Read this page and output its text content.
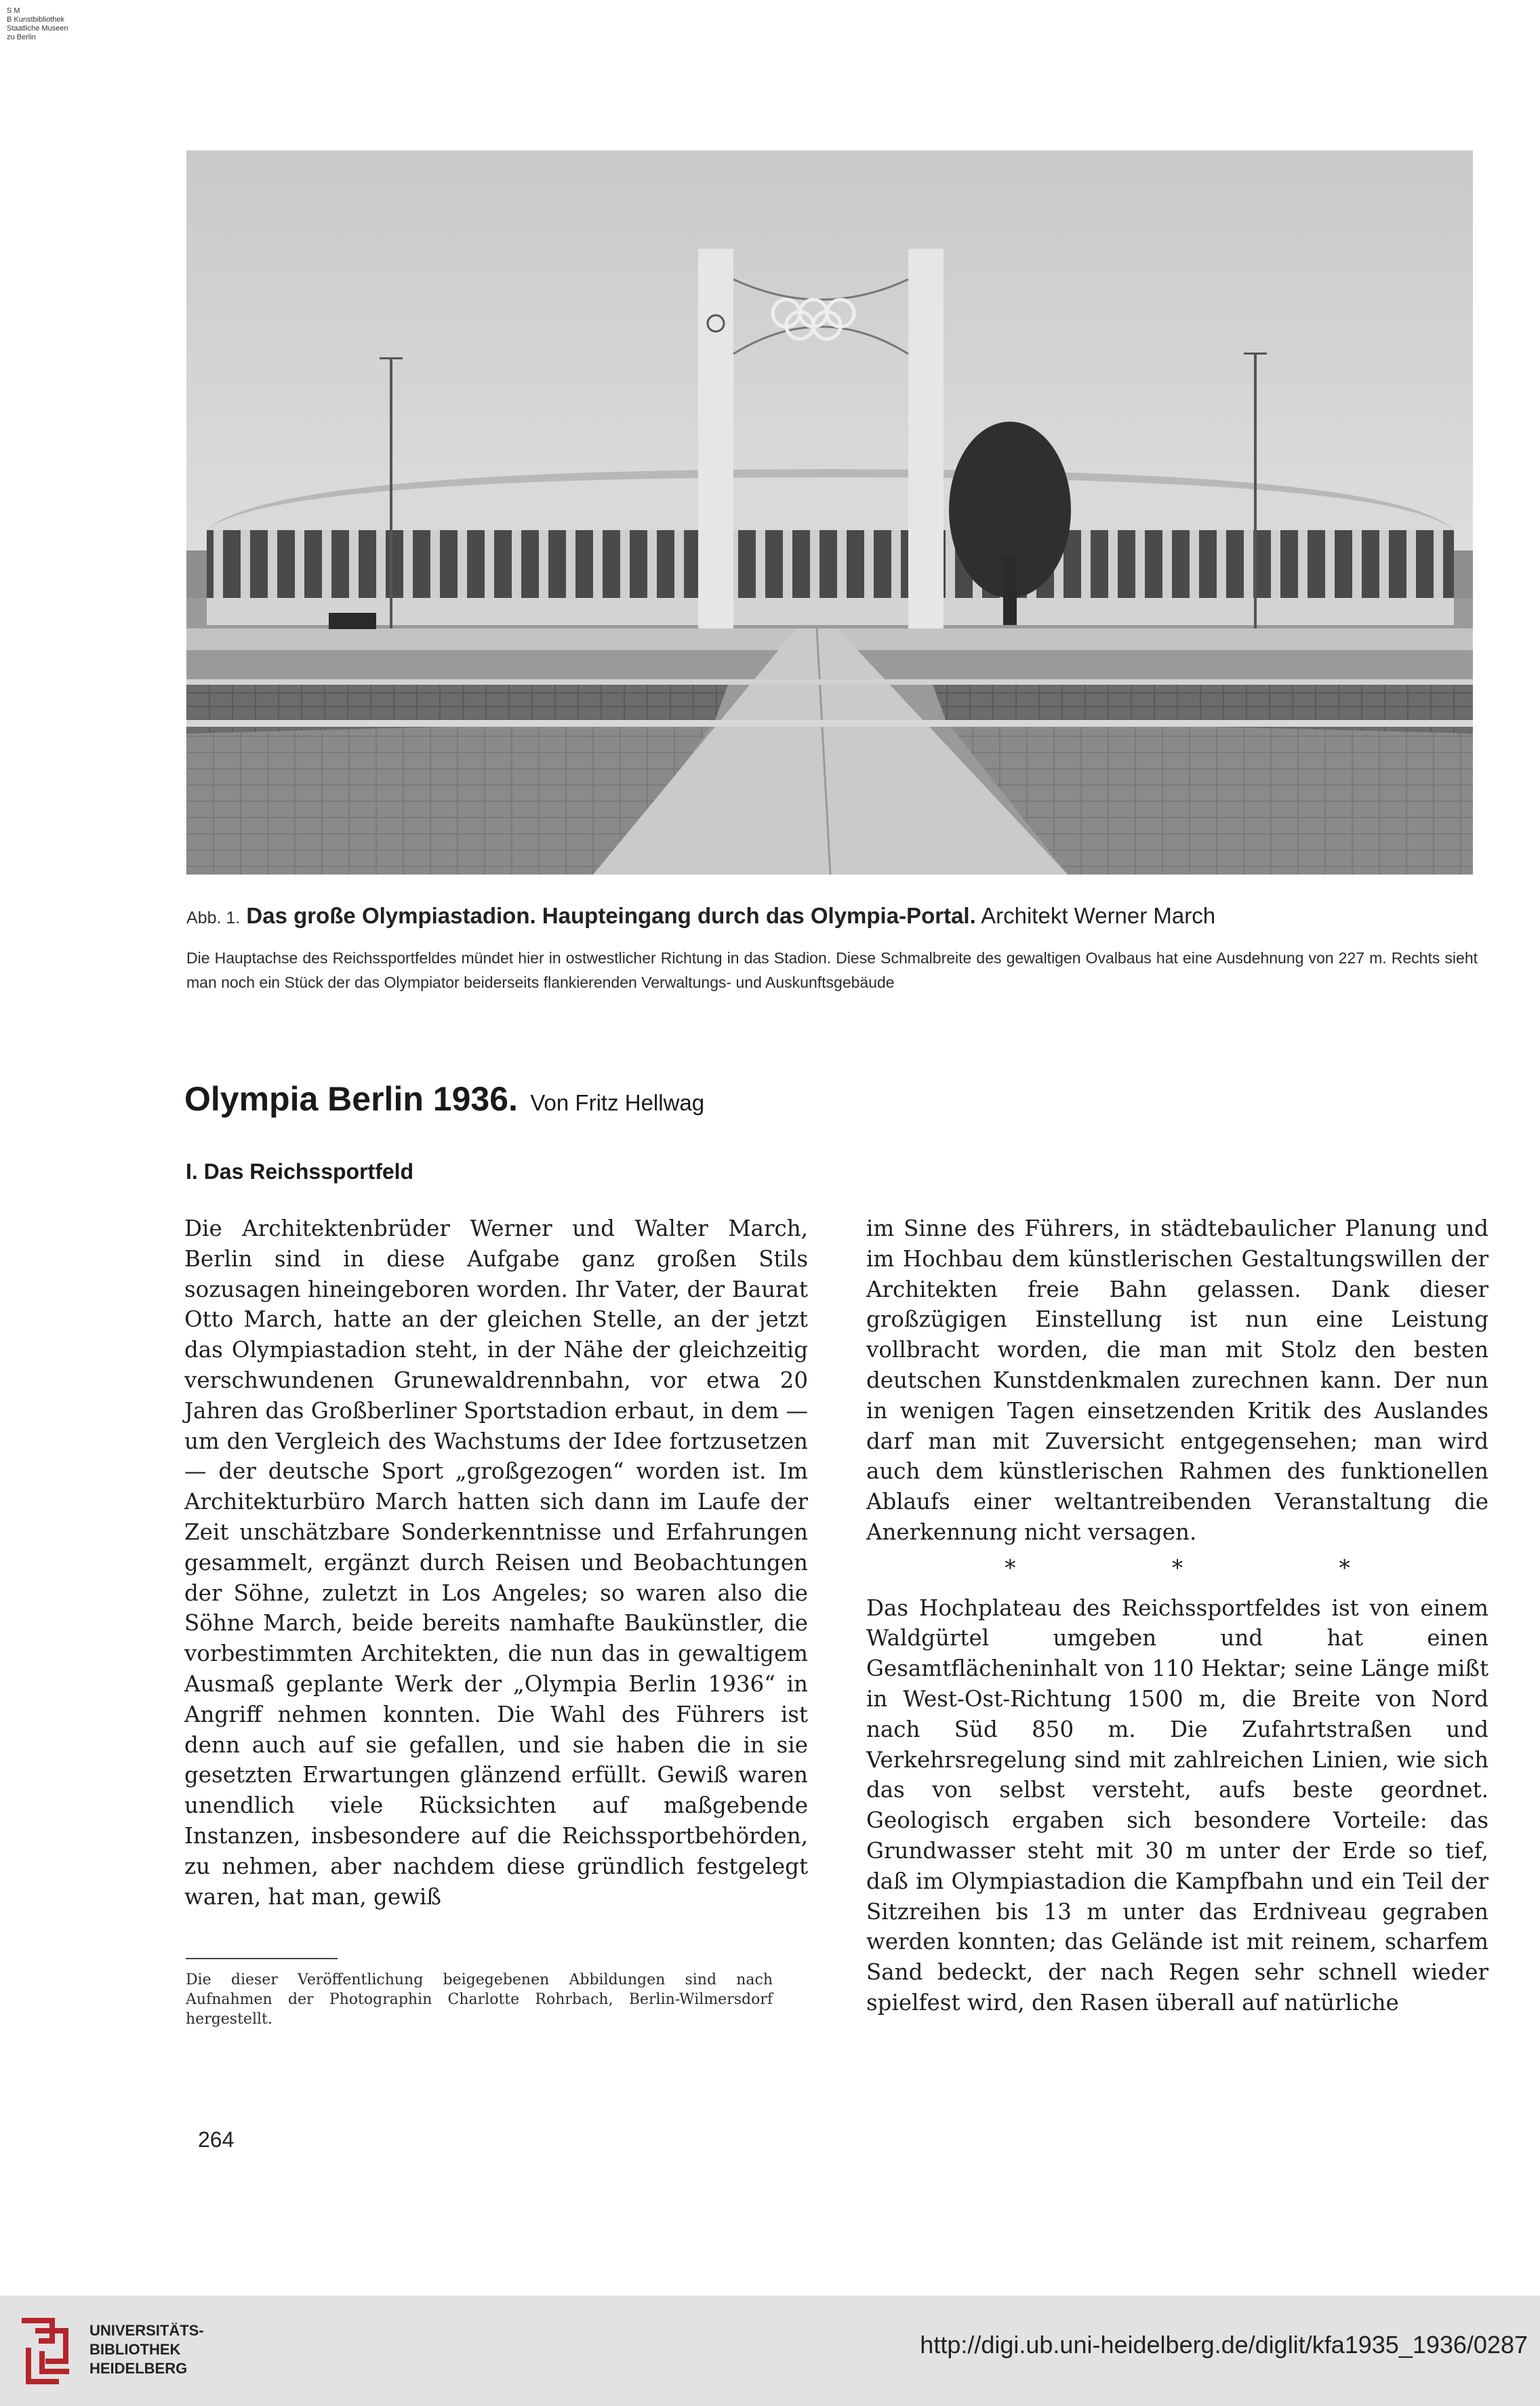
S M
B Kunstbibliothek
Staatliche Museen
zu Berlin
Abb. 1. Das große Olympiastadion. Haupteingang durch das Olympia-Portal. Architekt Werner March
Die Hauptachse des Reichssportfeldes mündet hier in ostwestlicher Richtung in das Stadion. Diese Schmalbreite des gewaltigen Ovalbaus hat eine Ausdehnung von 227 m. Rechts sieht man noch ein Stück der das Olympiator beiderseits flankierenden Verwaltungs- und Auskunftsgebäude
Olympia Berlin 1936. Von Fritz Hellwag
I. Das Reichssportfeld

Die Architektenbrüder Werner und Walter March, Berlin sind in diese Aufgabe ganz großen Stils sozusagen hineingeboren worden. Ihr Vater, der Baurat Otto March, hatte an der gleichen Stelle, an der jetzt das Olympiastadion steht, in der Nähe der gleichzeitig verschwundenen Grunewaldrennbahn, vor etwa 20 Jahren das Großberliner Sportstadion erbaut, in dem — um den Vergleich des Wachstums der Idee fortzusetzen — der deutsche Sport „großgezogen“ worden ist. Im Architekturbüro March hatten sich dann im Laufe der Zeit unschätzbare Sonderkenntnisse und Erfahrungen gesammelt, ergänzt durch Reisen und Beobachtungen der Söhne, zuletzt in Los Angeles; so waren also die Söhne March, beide bereits namhafte Baukünstler, die vorbestimmten Architekten, die nun das in gewaltigem Ausmaß geplante Werk der „Olympia Berlin 1936“ in Angriff nehmen konnten. Die Wahl des Führers ist denn auch auf sie gefallen, und sie haben die in sie gesetzten Erwartungen glänzend erfüllt. Gewiß waren unendlich viele Rücksichten auf maßgebende Instanzen, insbesondere auf die Reichssportbehörden, zu nehmen, aber nachdem diese gründlich festgelegt waren, hat man, gewiß

im Sinne des Führers, in städtebaulicher Planung und im Hochbau dem künstlerischen Gestaltungswillen der Architekten freie Bahn gelassen. Dank dieser großzügigen Einstellung ist nun eine Leistung vollbracht worden, die man mit Stolz den besten deutschen Kunstdenkmalen zurechnen kann. Der nun in wenigen Tagen einsetzenden Kritik des Auslandes darf man mit Zuversicht entgegensehen; man wird auch dem künstlerischen Rahmen des funktionellen Ablaufs einer weltantreibenden Veranstaltung die Anerkennung nicht versagen.

* * *

Das Hochplateau des Reichssportfeldes ist von einem Waldgürtel umgeben und hat einen Gesamtflächeninhalt von 110 Hektar; seine Länge mißt in West-Ost-Richtung 1500 m, die Breite von Nord nach Süd 850 m. Die Zufahrtstraßen und Verkehrsregelung sind mit zahlreichen Linien, wie sich das von selbst versteht, aufs beste geordnet. Geologisch ergaben sich besondere Vorteile: das Grundwasser steht mit 30 m unter der Erde so tief, daß im Olympiastadion die Kampfbahn und ein Teil der Sitzreihen bis 13 m unter das Erdniveau gegraben werden konnten; das Gelände ist mit reinem, scharfem Sand bedeckt, der nach Regen sehr schnell wieder spielfest wird, den Rasen überall auf natürliche

Die dieser Veröffentlichung beigegebenen Abbildungen sind nach Aufnahmen der Photographin Charlotte Rohrbach, Berlin-Wilmersdorf hergestellt.
264
UNIVERSITÄTS-
BIBLIOTHEK
HEIDELBERG
http://digi.ub.uni-heidelberg.de/diglit/kfa1935_1936/0287
